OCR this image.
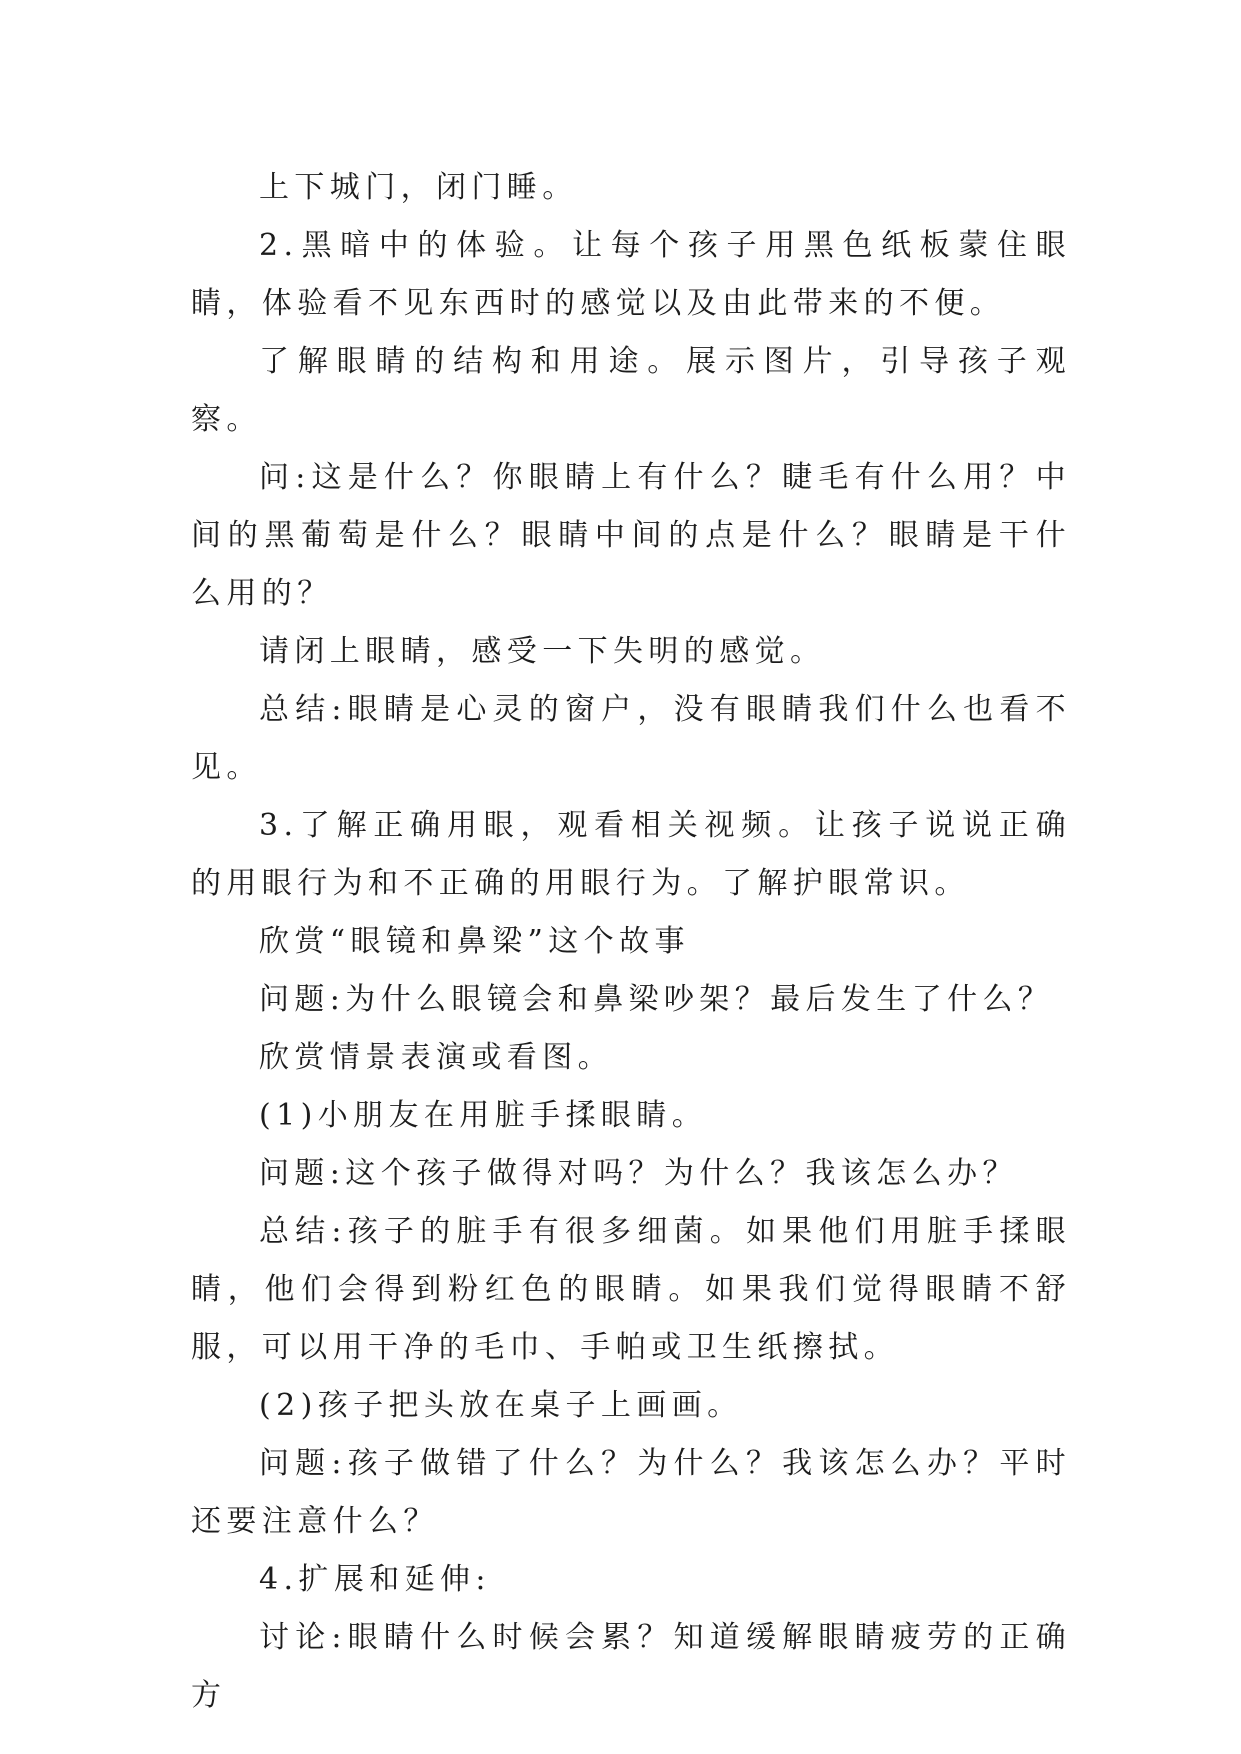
上下城门，闭门睡。

2.黑暗中的体验。让每个孩子用黑色纸板蒙住眼睛，体验看不见东西时的感觉以及由此带来的不便。

了解眼睛的结构和用途。展示图片，引导孩子观察。

问:这是什么？你眼睛上有什么？睫毛有什么用？中间的黑葡萄是什么？眼睛中间的点是什么？眼睛是干什么用的？

请闭上眼睛，感受一下失明的感觉。

总结:眼睛是心灵的窗户，没有眼睛我们什么也看不见。

3.了解正确用眼，观看相关视频。让孩子说说正确的用眼行为和不正确的用眼行为。了解护眼常识。

欣赏“眼镜和鼻梁”这个故事

问题:为什么眼镜会和鼻梁吵架？最后发生了什么？

欣赏情景表演或看图。

(1)小朋友在用脏手揉眼睛。

问题:这个孩子做得对吗？为什么？我该怎么办？

总结:孩子的脏手有很多细菌。如果他们用脏手揉眼睛，他们会得到粉红色的眼睛。如果我们觉得眼睛不舒服，可以用干净的毛巾、手帕或卫生纸擦拭。

(2)孩子把头放在桌子上画画。

问题:孩子做错了什么？为什么？我该怎么办？平时还要注意什么？

4.扩展和延伸:

讨论:眼睛什么时候会累？知道缓解眼睛疲劳的正确方
